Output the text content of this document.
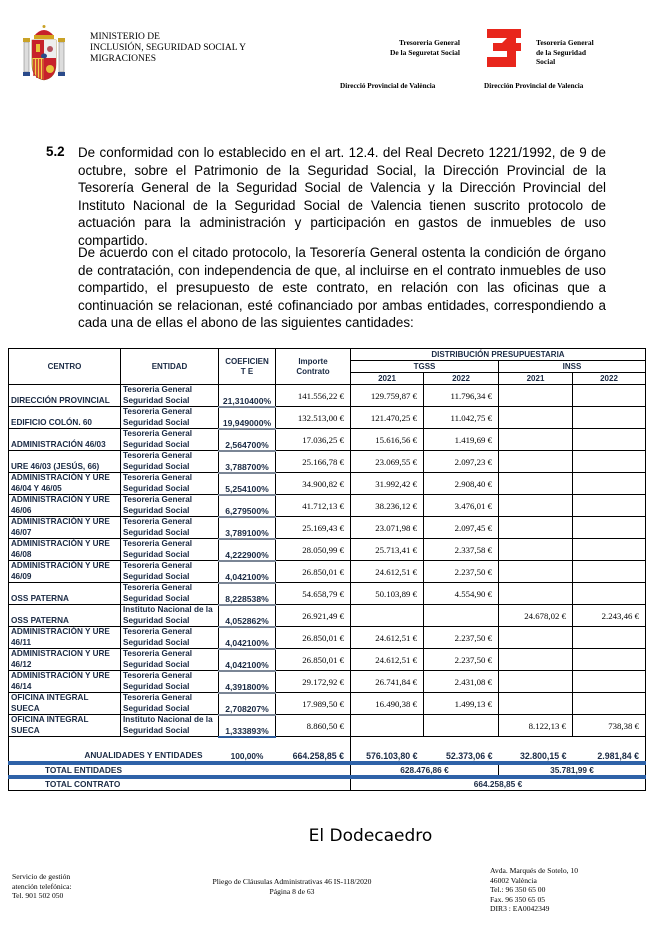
MINISTERIO DE
INCLUSIÓN, SEGURIDAD SOCIAL Y
MIGRACIONES
Tresoreria General
De la Seguretat Social
Tesorería General
de la Seguridad
Social
Direcció Provincial de València	Dirección Provincial de Valencia
5.2 De conformidad con lo establecido en el art. 12.4. del Real Decreto 1221/1992, de 9 de octubre, sobre el Patrimonio de la Seguridad Social, la Dirección Provincial de la Tesorería General de la Seguridad Social de Valencia y la Dirección Provincial del Instituto Nacional de la Seguridad Social de Valencia tienen suscrito protocolo de actuación para la administración y participación en gastos de inmuebles de uso compartido.
De acuerdo con el citado protocolo, la Tesorería General ostenta la condición de órgano de contratación, con independencia de que, al incluirse en el contrato inmuebles de uso compartido, el presupuesto de este contrato, en relación con las oficinas que a continuación se relacionan, esté cofinanciado por ambas entidades, correspondiendo a cada una de ellas el abono de las siguientes cantidades:
CENTRO	ENTIDAD	COEFICIENT E	Importe Contrato	DISTRIBUCIÓN PRESUPUESTARIA			
				TGSS		INSS	
				2021	2022	2021	2022
DIRECCIÓN PROVINCIAL	Tesoreria General Seguridad Social	21,310400%	141.556,22 €	129.759,87 €	11.796,34 €		
EDIFICIO COLÓN. 60	Tesoreria General Seguridad Social	19,949000%	132.513,00 €	121.470,25 €	11.042,75 €		
ADMINISTRACIÓN 46/03	Tesoreria General Seguridad Social	2,564700%	17.036,25 €	15.616,56 €	1.419,69 €		
URE 46/03 (JESÚS, 66)	Tesoreria General Seguridad Social	3,788700%	25.166,78 €	23.069,55 €	2.097,23 €		
ADMINISTRACIÓN Y URE 46/04 Y 46/05	Tesoreria General Seguridad Social	5,254100%	34.900,82 €	31.992,42 €	2.908,40 €		
ADMINISTRACIÓN Y URE 46/06	Tesoreria General Seguridad Social	6,279500%	41.712,13 €	38.236,12 €	3.476,01 €		
ADMINISTRACIÓN Y URE 46/07	Tesoreria General Seguridad Social	3,789100%	25.169,43 €	23.071,98 €	2.097,45 €		
ADMINISTRACIÓN Y URE 46/08	Tesoreria General Seguridad Social	4,222900%	28.050,99 €	25.713,41 €	2.337,58 €		
ADMINISTRACIÓN Y URE 46/09	Tesoreria General Seguridad Social	4,042100%	26.850,01 €	24.612,51 €	2.237,50 €		
OSS PATERNA	Tesoreria General Seguridad Social	8,228538%	54.658,79 €	50.103,89 €	4.554,90 €		
OSS PATERNA	Instituto Nacional de la Seguridad Social	4,052862%	26.921,49 €			24.678,02 €	2.243,46 €
ADMINISTRACIÓN Y URE 46/11	Tesoreria General Seguridad Social	4,042100%	26.850,01 €	24.612,51 €	2.237,50 €		
ADMINISTRACION Y URE 46/12	Tesoreria General Seguridad Social	4,042100%	26.850,01 €	24.612,51 €	2.237,50 €		
ADMINISTRACIÓN Y URE 46/14	Tesoreria General Seguridad Social	4,391800%	29.172,92 €	26.741,84 €	2.431,08 €		
OFICINA INTEGRAL SUECA	Tesoreria General Seguridad Social	2,708207%	17.989,50 €	16.490,38 €	1.499,13 €		
OFICINA INTEGRAL SUECA	Instituto Nacional de la Seguridad Social	1,333893%	8.860,50 €			8.122,13 €	738,38 €
ANUALIDADES Y ENTIDADES		100,00%	664.258,85 €	576.103,80 €	52.373,06 €	32.800,15 €	2.981,84 €
TOTAL ENTIDADES				628.476,86 €		35.781,99 €	
TOTAL CONTRATO				664.258,85 €			
El Dodecaedro
Servicio de gestión
atención telefónica:
Tel. 901 502 050
Pliego de Cláusulas Administrativas 46 IS-118/2020
Página 8 de 63
Avda. Marqués de Sotelo, 10
46002 València
Tel.: 96 350 65 00
Fax. 96 350 65 05
DIR3 : EA0042349
